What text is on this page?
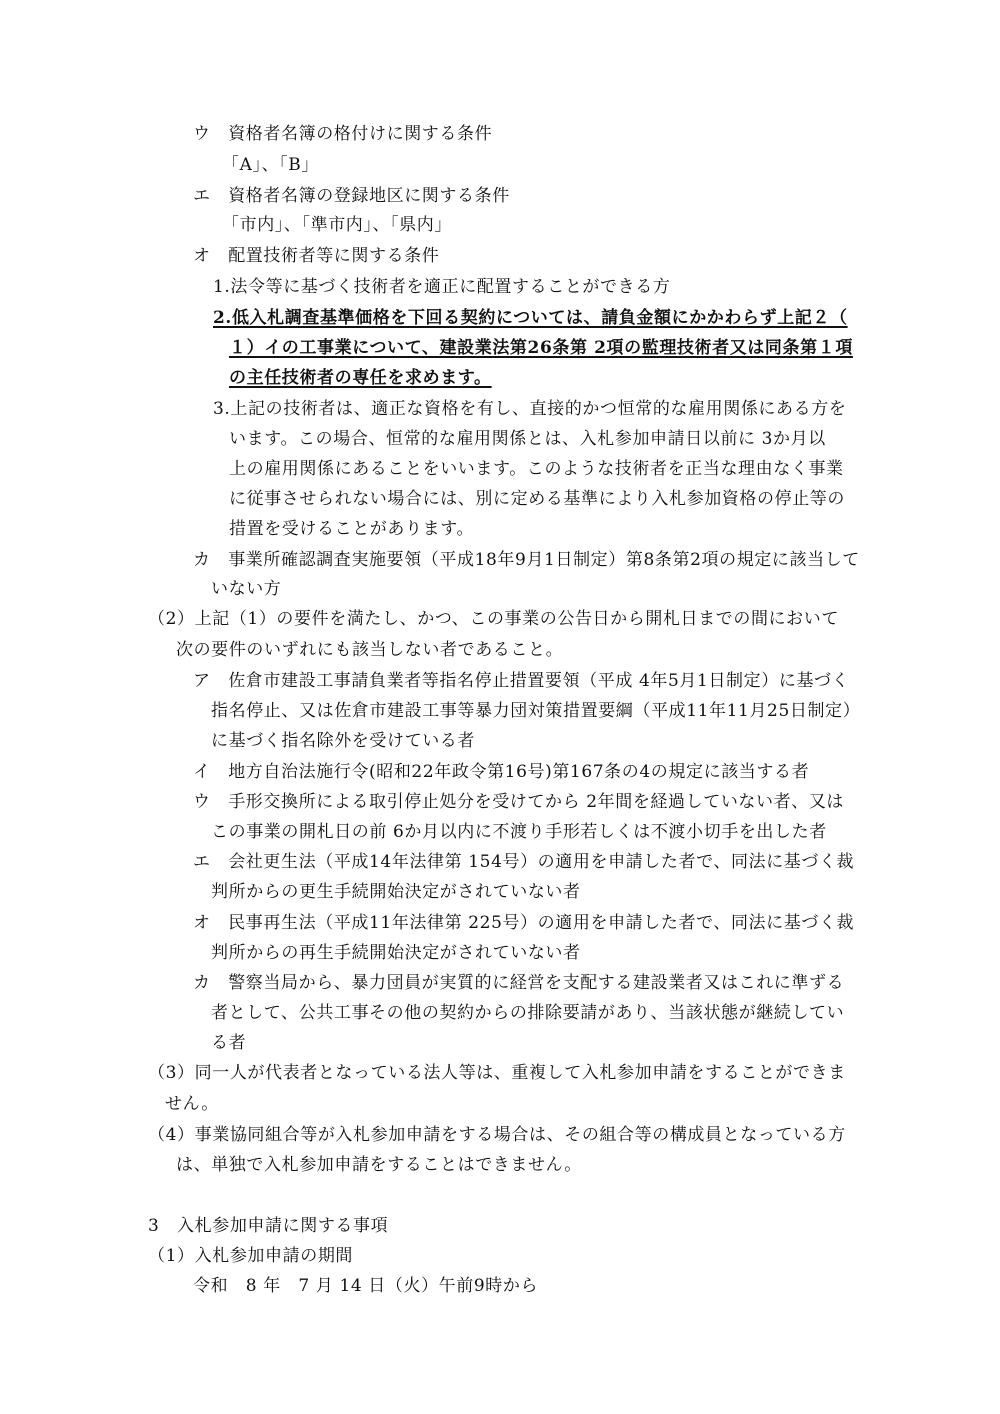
ウ　資格者名簿の格付けに関する条件
「A」、「B」
エ　資格者名簿の登録地区に関する条件
「市内」、「準市内」、「県内」
オ　配置技術者等に関する条件
1.法令等に基づく技術者を適正に配置することができる方
2.低入札調査基準価格を下回る契約については、請負金額にかかわらず上記２（
１）イの工事業について、建設業法第26条第 2項の監理技術者又は同条第１項
の主任技術者の専任を求めます。
3.上記の技術者は、適正な資格を有し、直接的かつ恒常的な雇用関係にある方を
います。この場合、恒常的な雇用関係とは、入札参加申請日以前に 3か月以
上の雇用関係にあることをいいます。このような技術者を正当な理由なく事業
に従事させられない場合には、別に定める基準により入札参加資格の停止等の
措置を受けることがあります。
カ　事業所確認調査実施要領（平成18年9月1日制定）第8条第2項の規定に該当して
いない方
（2）上記（1）の要件を満たし、かつ、この事業の公告日から開札日までの間において
次の要件のいずれにも該当しない者であること。
ア　佐倉市建設工事請負業者等指名停止措置要領（平成 4年5月1日制定）に基づく
指名停止、又は佐倉市建設工事等暴力団対策措置要綱（平成11年11月25日制定）
に基づく指名除外を受けている者
イ　地方自治法施行令(昭和22年政令第16号)第167条の4の規定に該当する者
ウ　手形交換所による取引停止処分を受けてから 2年間を経過していない者、又は
この事業の開札日の前 6か月以内に不渡り手形若しくは不渡小切手を出した者
エ　会社更生法（平成14年法律第 154号）の適用を申請した者で、同法に基づく裁
判所からの更生手続開始決定がされていない者
オ　民事再生法（平成11年法律第 225号）の適用を申請した者で、同法に基づく裁
判所からの再生手続開始決定がされていない者
カ　警察当局から、暴力団員が実質的に経営を支配する建設業者又はこれに準ずる
者として、公共工事その他の契約からの排除要請があり、当該状態が継続してい
る者
（3）同一人が代表者となっている法人等は、重複して入札参加申請をすることができま
せん。
（4）事業協同組合等が入札参加申請をする場合は、その組合等の構成員となっている方
は、単独で入札参加申請をすることはできません。
3　入札参加申請に関する事項
（1）入札参加申請の期間
令和　8 年　7 月 14 日（火）午前9時から
